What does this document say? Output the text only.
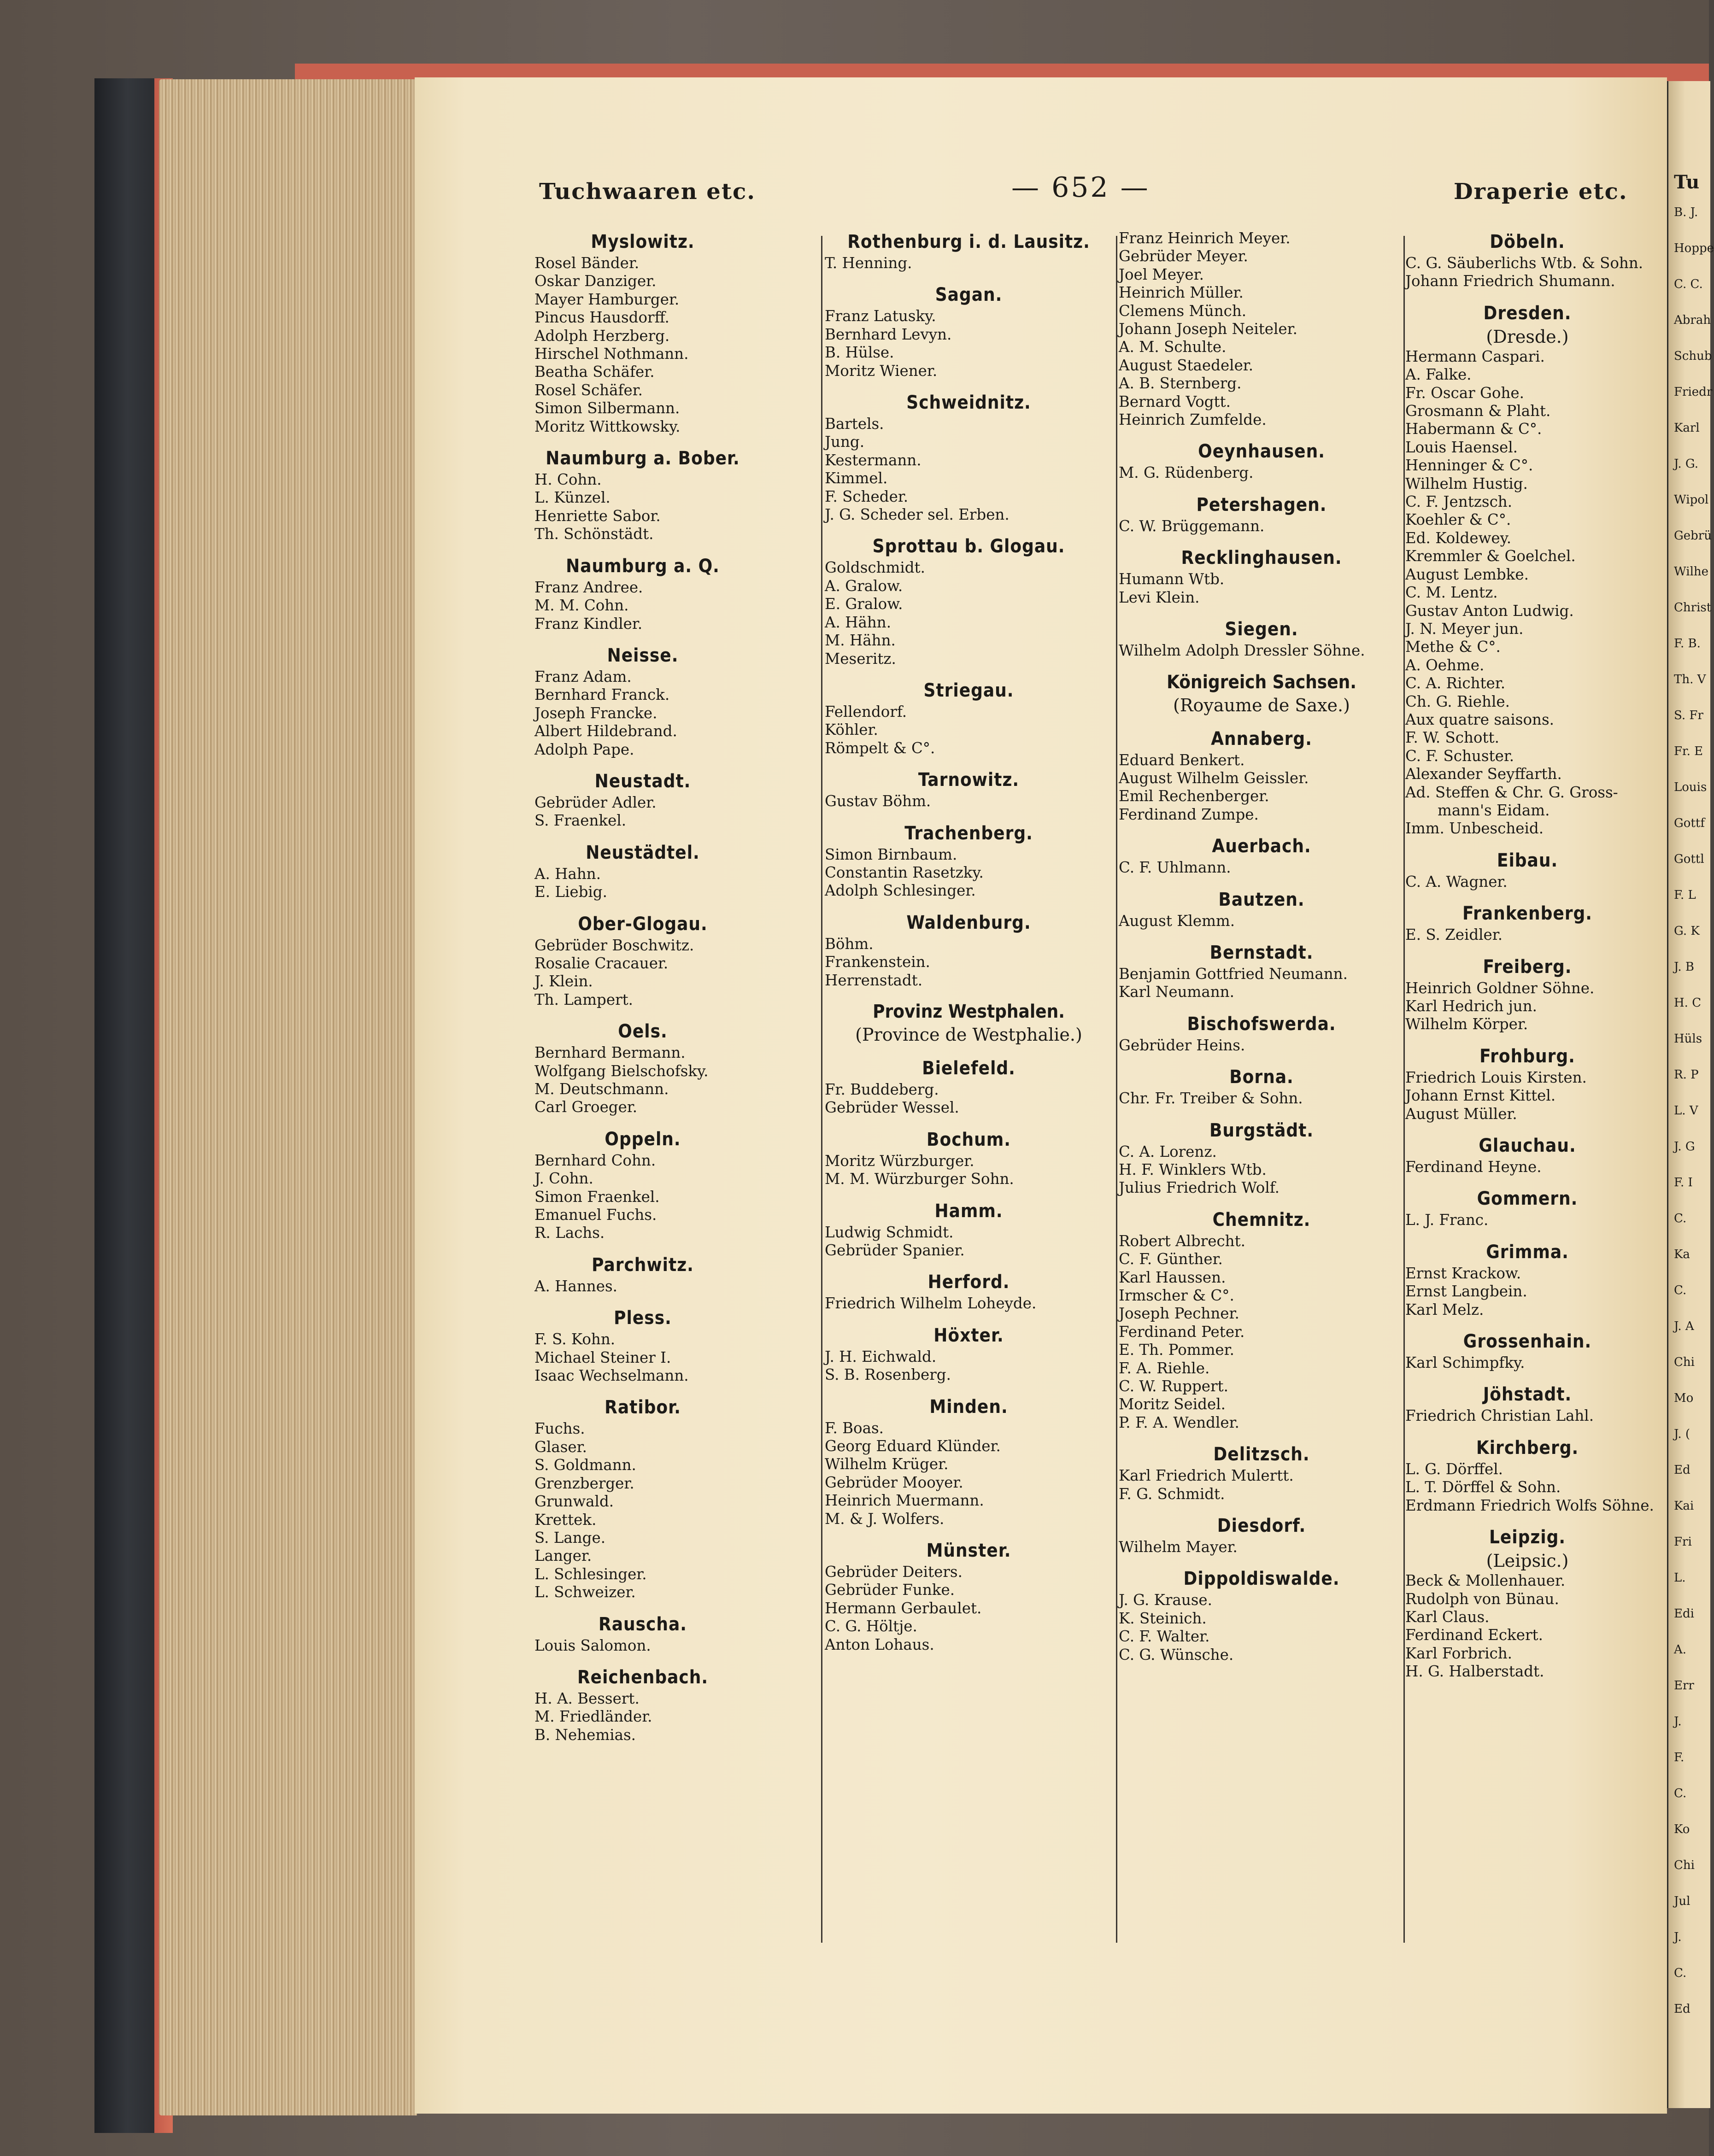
Tu
B. J.
Hoppe
C. C.
Abrah
Schub
Friedr
Karl
J. G.
Wipol
Gebrü
Wilhe
Christ
F. B.
Th. V
S. Fr
Fr. E
Louis
Gottf
Gottl
F. L
G. K
J. B
H. C
Hüls
R. P
L. V
J. G
F. I
C.
Ka
C.
J. A
Chi
Mo
J. (
Ed
Kai
Fri
L.
Edi
A.
Err
J.
F.
C.
Ko
Chi
Jul
J.
C.
Ed
Tuchwaaren etc.	— 652 —	Draperie etc.
Myslowitz.
Rosel Bänder.
Oskar Danziger.
Mayer Hamburger.
Pincus Hausdorff.
Adolph Herzberg.
Hirschel Nothmann.
Beatha Schäfer.
Rosel Schäfer.
Simon Silbermann.
Moritz Wittkowsky.
Naumburg a. Bober.
H. Cohn.
L. Künzel.
Henriette Sabor.
Th. Schönstädt.
Naumburg a. Q.
Franz Andree.
M. M. Cohn.
Franz Kindler.
Neisse.
Franz Adam.
Bernhard Franck.
Joseph Francke.
Albert Hildebrand.
Adolph Pape.
Neustadt.
Gebrüder Adler.
S. Fraenkel.
Neustädtel.
A. Hahn.
E. Liebig.
Ober-Glogau.
Gebrüder Boschwitz.
Rosalie Cracauer.
J. Klein.
Th. Lampert.
Oels.
Bernhard Bermann.
Wolfgang Bielschofsky.
M. Deutschmann.
Carl Groeger.
Oppeln.
Bernhard Cohn.
J. Cohn.
Simon Fraenkel.
Emanuel Fuchs.
R. Lachs.
Parchwitz.
A. Hannes.
Pless.
F. S. Kohn.
Michael Steiner I.
Isaac Wechselmann.
Ratibor.
Fuchs.
Glaser.
S. Goldmann.
Grenzberger.
Grunwald.
Krettek.
S. Lange.
Langer.
L. Schlesinger.
L. Schweizer.
Rauscha.
Louis Salomon.
Reichenbach.
H. A. Bessert.
M. Friedländer.
B. Nehemias.
Rothenburg i. d. Lausitz.
T. Henning.
Sagan.
Franz Latusky.
Bernhard Levyn.
B. Hülse.
Moritz Wiener.
Schweidnitz.
Bartels.
Jung.
Kestermann.
Kimmel.
F. Scheder.
J. G. Scheder sel. Erben.
Sprottau b. Glogau.
Goldschmidt.
A. Gralow.
E. Gralow.
A. Hähn.
M. Hähn.
Meseritz.
Striegau.
Fellendorf.
Köhler.
Römpelt & C°.
Tarnowitz.
Gustav Böhm.
Trachenberg.
Simon Birnbaum.
Constantin Rasetzky.
Adolph Schlesinger.
Waldenburg.
Böhm.
Frankenstein.
Herrenstadt.
Provinz Westphalen.
(Province de Westphalie.)
Bielefeld.
Fr. Buddeberg.
Gebrüder Wessel.
Bochum.
Moritz Würzburger.
M. M. Würzburger Sohn.
Hamm.
Ludwig Schmidt.
Gebrüder Spanier.
Herford.
Friedrich Wilhelm Loheyde.
Höxter.
J. H. Eichwald.
S. B. Rosenberg.
Minden.
F. Boas.
Georg Eduard Klünder.
Wilhelm Krüger.
Gebrüder Mooyer.
Heinrich Muermann.
M. & J. Wolfers.
Münster.
Gebrüder Deiters.
Gebrüder Funke.
Hermann Gerbaulet.
C. G. Höltje.
Anton Lohaus.
Franz Heinrich Meyer.
Gebrüder Meyer.
Joel Meyer.
Heinrich Müller.
Clemens Münch.
Johann Joseph Neiteler.
A. M. Schulte.
August Staedeler.
A. B. Sternberg.
Bernard Vogtt.
Heinrich Zumfelde.
Oeynhausen.
M. G. Rüdenberg.
Petershagen.
C. W. Brüggemann.
Recklinghausen.
Humann Wtb.
Levi Klein.
Siegen.
Wilhelm Adolph Dressler Söhne.
Königreich Sachsen.
(Royaume de Saxe.)
Annaberg.
Eduard Benkert.
August Wilhelm Geissler.
Emil Rechenberger.
Ferdinand Zumpe.
Auerbach.
C. F. Uhlmann.
Bautzen.
August Klemm.
Bernstadt.
Benjamin Gottfried Neumann.
Karl Neumann.
Bischofswerda.
Gebrüder Heins.
Borna.
Chr. Fr. Treiber & Sohn.
Burgstädt.
C. A. Lorenz.
H. F. Winklers Wtb.
Julius Friedrich Wolf.
Chemnitz.
Robert Albrecht.
C. F. Günther.
Karl Haussen.
Irmscher & C°.
Joseph Pechner.
Ferdinand Peter.
E. Th. Pommer.
F. A. Riehle.
C. W. Ruppert.
Moritz Seidel.
P. F. A. Wendler.
Delitzsch.
Karl Friedrich Mulertt.
F. G. Schmidt.
Diesdorf.
Wilhelm Mayer.
Dippoldiswalde.
J. G. Krause.
K. Steinich.
C. F. Walter.
C. G. Wünsche.
Döbeln.
C. G. Säuberlichs Wtb. & Sohn.
Johann Friedrich Shumann.
Dresden.
(Dresde.)
Hermann Caspari.
A. Falke.
Fr. Oscar Gohe.
Grosmann & Plaht.
Habermann & C°.
Louis Haensel.
Henninger & C°.
Wilhelm Hustig.
C. F. Jentzsch.
Koehler & C°.
Ed. Koldewey.
Kremmler & Goelchel.
August Lembke.
C. M. Lentz.
Gustav Anton Ludwig.
J. N. Meyer jun.
Methe & C°.
A. Oehme.
C. A. Richter.
Ch. G. Riehle.
Aux quatre saisons.
F. W. Schott.
C. F. Schuster.
Alexander Seyffarth.
Ad. Steffen & Chr. G. Gross-
mann's Eidam.
Imm. Unbescheid.
Eibau.
C. A. Wagner.
Frankenberg.
E. S. Zeidler.
Freiberg.
Heinrich Goldner Söhne.
Karl Hedrich jun.
Wilhelm Körper.
Frohburg.
Friedrich Louis Kirsten.
Johann Ernst Kittel.
August Müller.
Glauchau.
Ferdinand Heyne.
Gommern.
L. J. Franc.
Grimma.
Ernst Krackow.
Ernst Langbein.
Karl Melz.
Grossenhain.
Karl Schimpfky.
Jöhstadt.
Friedrich Christian Lahl.
Kirchberg.
L. G. Dörffel.
L. T. Dörffel & Sohn.
Erdmann Friedrich Wolfs Söhne.
Leipzig.
(Leipsic.)
Beck & Mollenhauer.
Rudolph von Bünau.
Karl Claus.
Ferdinand Eckert.
Karl Forbrich.
H. G. Halberstadt.
